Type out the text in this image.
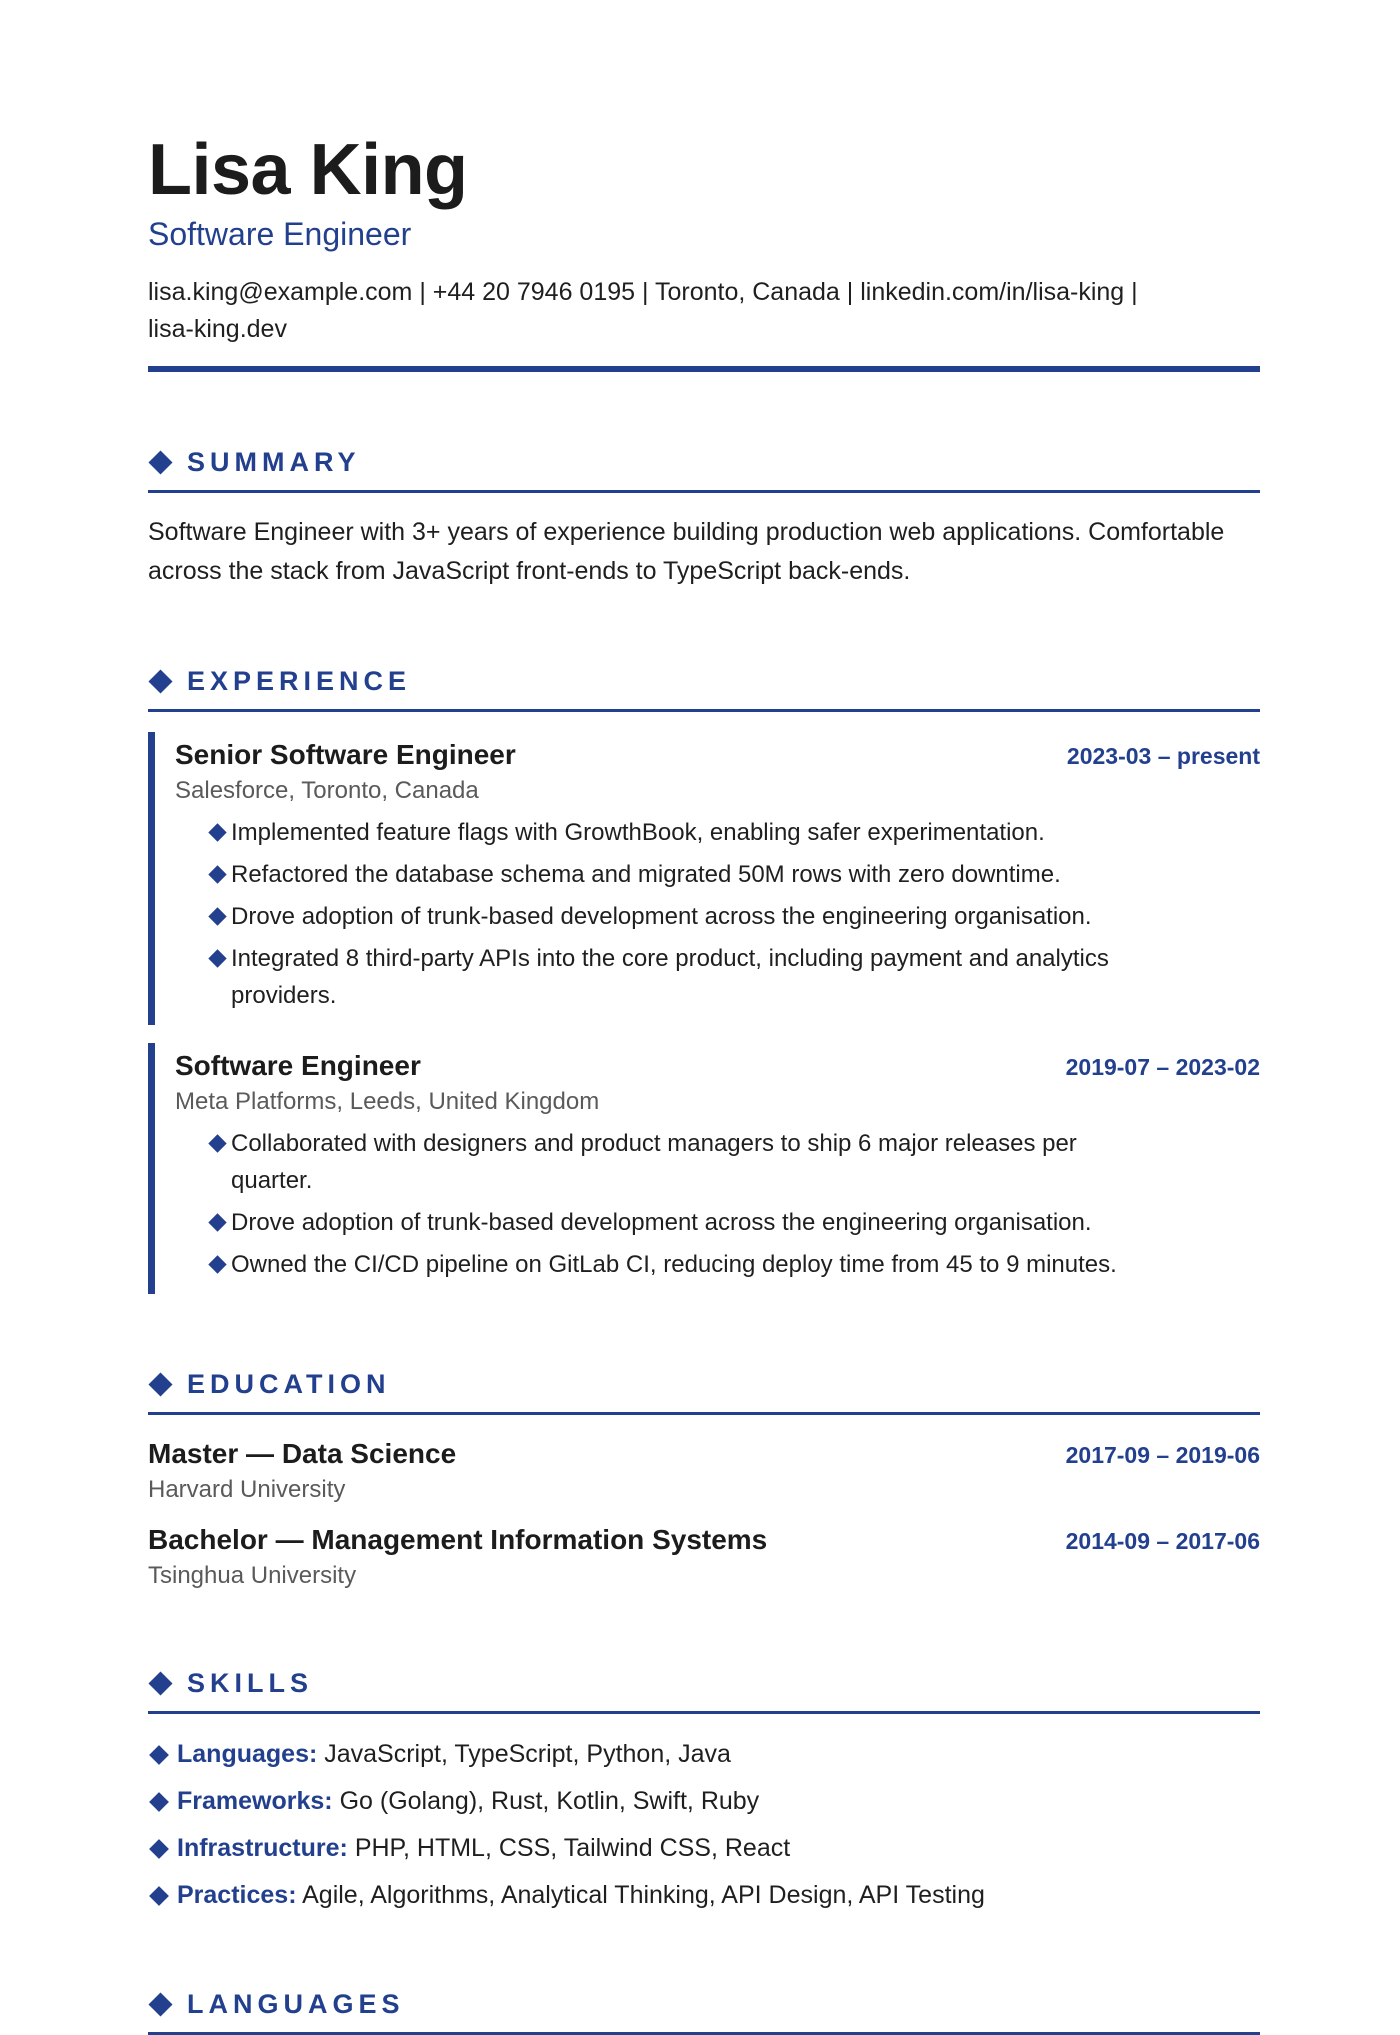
Lisa King
Software Engineer
lisa.king@example.com | +44 20 7946 0195 | Toronto, Canada | linkedin.com/in/lisa-king | lisa-king.dev
SUMMARY
Software Engineer with 3+ years of experience building production web applications. Comfortable across the stack from JavaScript front-ends to TypeScript back-ends.
EXPERIENCE
Senior Software Engineer	2023-03 – present
Salesforce, Toronto, Canada
Implemented feature flags with GrowthBook, enabling safer experimentation.
Refactored the database schema and migrated 50M rows with zero downtime.
Drove adoption of trunk-based development across the engineering organisation.
Integrated 8 third-party APIs into the core product, including payment and analytics providers.
Software Engineer	2019-07 – 2023-02
Meta Platforms, Leeds, United Kingdom
Collaborated with designers and product managers to ship 6 major releases per quarter.
Drove adoption of trunk-based development across the engineering organisation.
Owned the CI/CD pipeline on GitLab CI, reducing deploy time from 45 to 9 minutes.
EDUCATION
Master — Data Science	2017-09 – 2019-06
Harvard University
Bachelor — Management Information Systems	2014-09 – 2017-06
Tsinghua University
SKILLS
Languages: JavaScript, TypeScript, Python, Java
Frameworks: Go (Golang), Rust, Kotlin, Swift, Ruby
Infrastructure: PHP, HTML, CSS, Tailwind CSS, React
Practices: Agile, Algorithms, Analytical Thinking, API Design, API Testing
LANGUAGES
